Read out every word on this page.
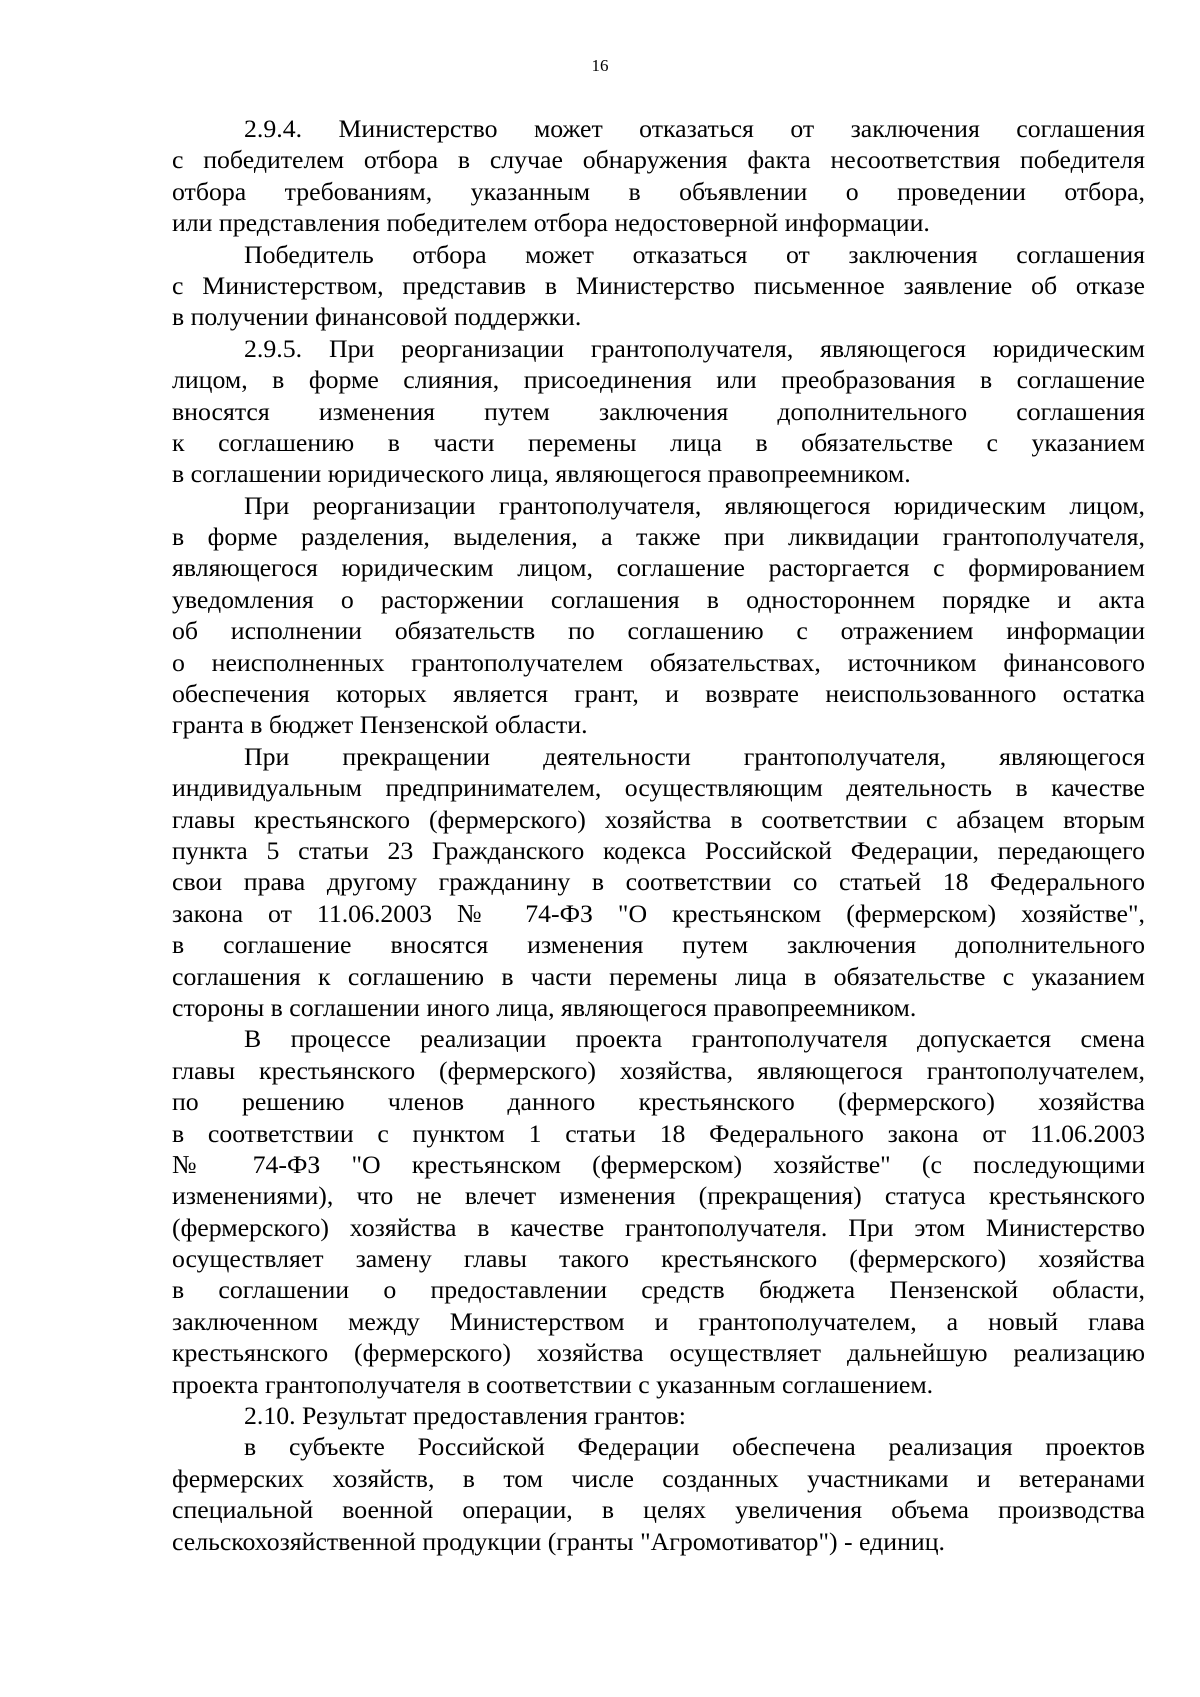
16
2.9.4. Министерство может отказаться от заключения соглашения
с победителем отбора в случае обнаружения факта несоответствия победителя
отбора требованиям, указанным в объявлении о проведении отбора,
или представления победителем отбора недостоверной информации.
Победитель отбора может отказаться от заключения соглашения
с Министерством, представив в Министерство письменное заявление об отказе
в получении финансовой поддержки.
2.9.5. При реорганизации грантополучателя, являющегося юридическим
лицом, в форме слияния, присоединения или преобразования в соглашение
вносятся изменения путем заключения дополнительного соглашения
к соглашению в части перемены лица в обязательстве с указанием
в соглашении юридического лица, являющегося правопреемником.
При реорганизации грантополучателя, являющегося юридическим лицом,
в форме разделения, выделения, а также при ликвидации грантополучателя,
являющегося юридическим лицом, соглашение расторгается с формированием
уведомления о расторжении соглашения в одностороннем порядке и акта
об исполнении обязательств по соглашению с отражением информации
о неисполненных грантополучателем обязательствах, источником финансового
обеспечения которых является грант, и возврате неиспользованного остатка
гранта в бюджет Пензенской области.
При прекращении деятельности грантополучателя, являющегося
индивидуальным предпринимателем, осуществляющим деятельность в качестве
главы крестьянского (фермерского) хозяйства в соответствии с абзацем вторым
пункта 5 статьи 23 Гражданского кодекса Российской Федерации, передающего
свои права другому гражданину в соответствии со статьей 18 Федерального
закона от 11.06.2003 № 74-ФЗ "О крестьянском (фермерском) хозяйстве",
в соглашение вносятся изменения путем заключения дополнительного
соглашения к соглашению в части перемены лица в обязательстве с указанием
стороны в соглашении иного лица, являющегося правопреемником.
В процессе реализации проекта грантополучателя допускается смена
главы крестьянского (фермерского) хозяйства, являющегося грантополучателем,
по решению членов данного крестьянского (фермерского) хозяйства
в соответствии с пунктом 1 статьи 18 Федерального закона от 11.06.2003
№ 74-ФЗ "О крестьянском (фермерском) хозяйстве" (с последующими
изменениями), что не влечет изменения (прекращения) статуса крестьянского
(фермерского) хозяйства в качестве грантополучателя. При этом Министерство
осуществляет замену главы такого крестьянского (фермерского) хозяйства
в соглашении о предоставлении средств бюджета Пензенской области,
заключенном между Министерством и грантополучателем, а новый глава
крестьянского (фермерского) хозяйства осуществляет дальнейшую реализацию
проекта грантополучателя в соответствии с указанным соглашением.
2.10. Результат предоставления грантов:
в субъекте Российской Федерации обеспечена реализация проектов
фермерских хозяйств, в том числе созданных участниками и ветеранами
специальной военной операции, в целях увеличения объема производства
сельскохозяйственной продукции (гранты "Агромотиватор") - единиц.
